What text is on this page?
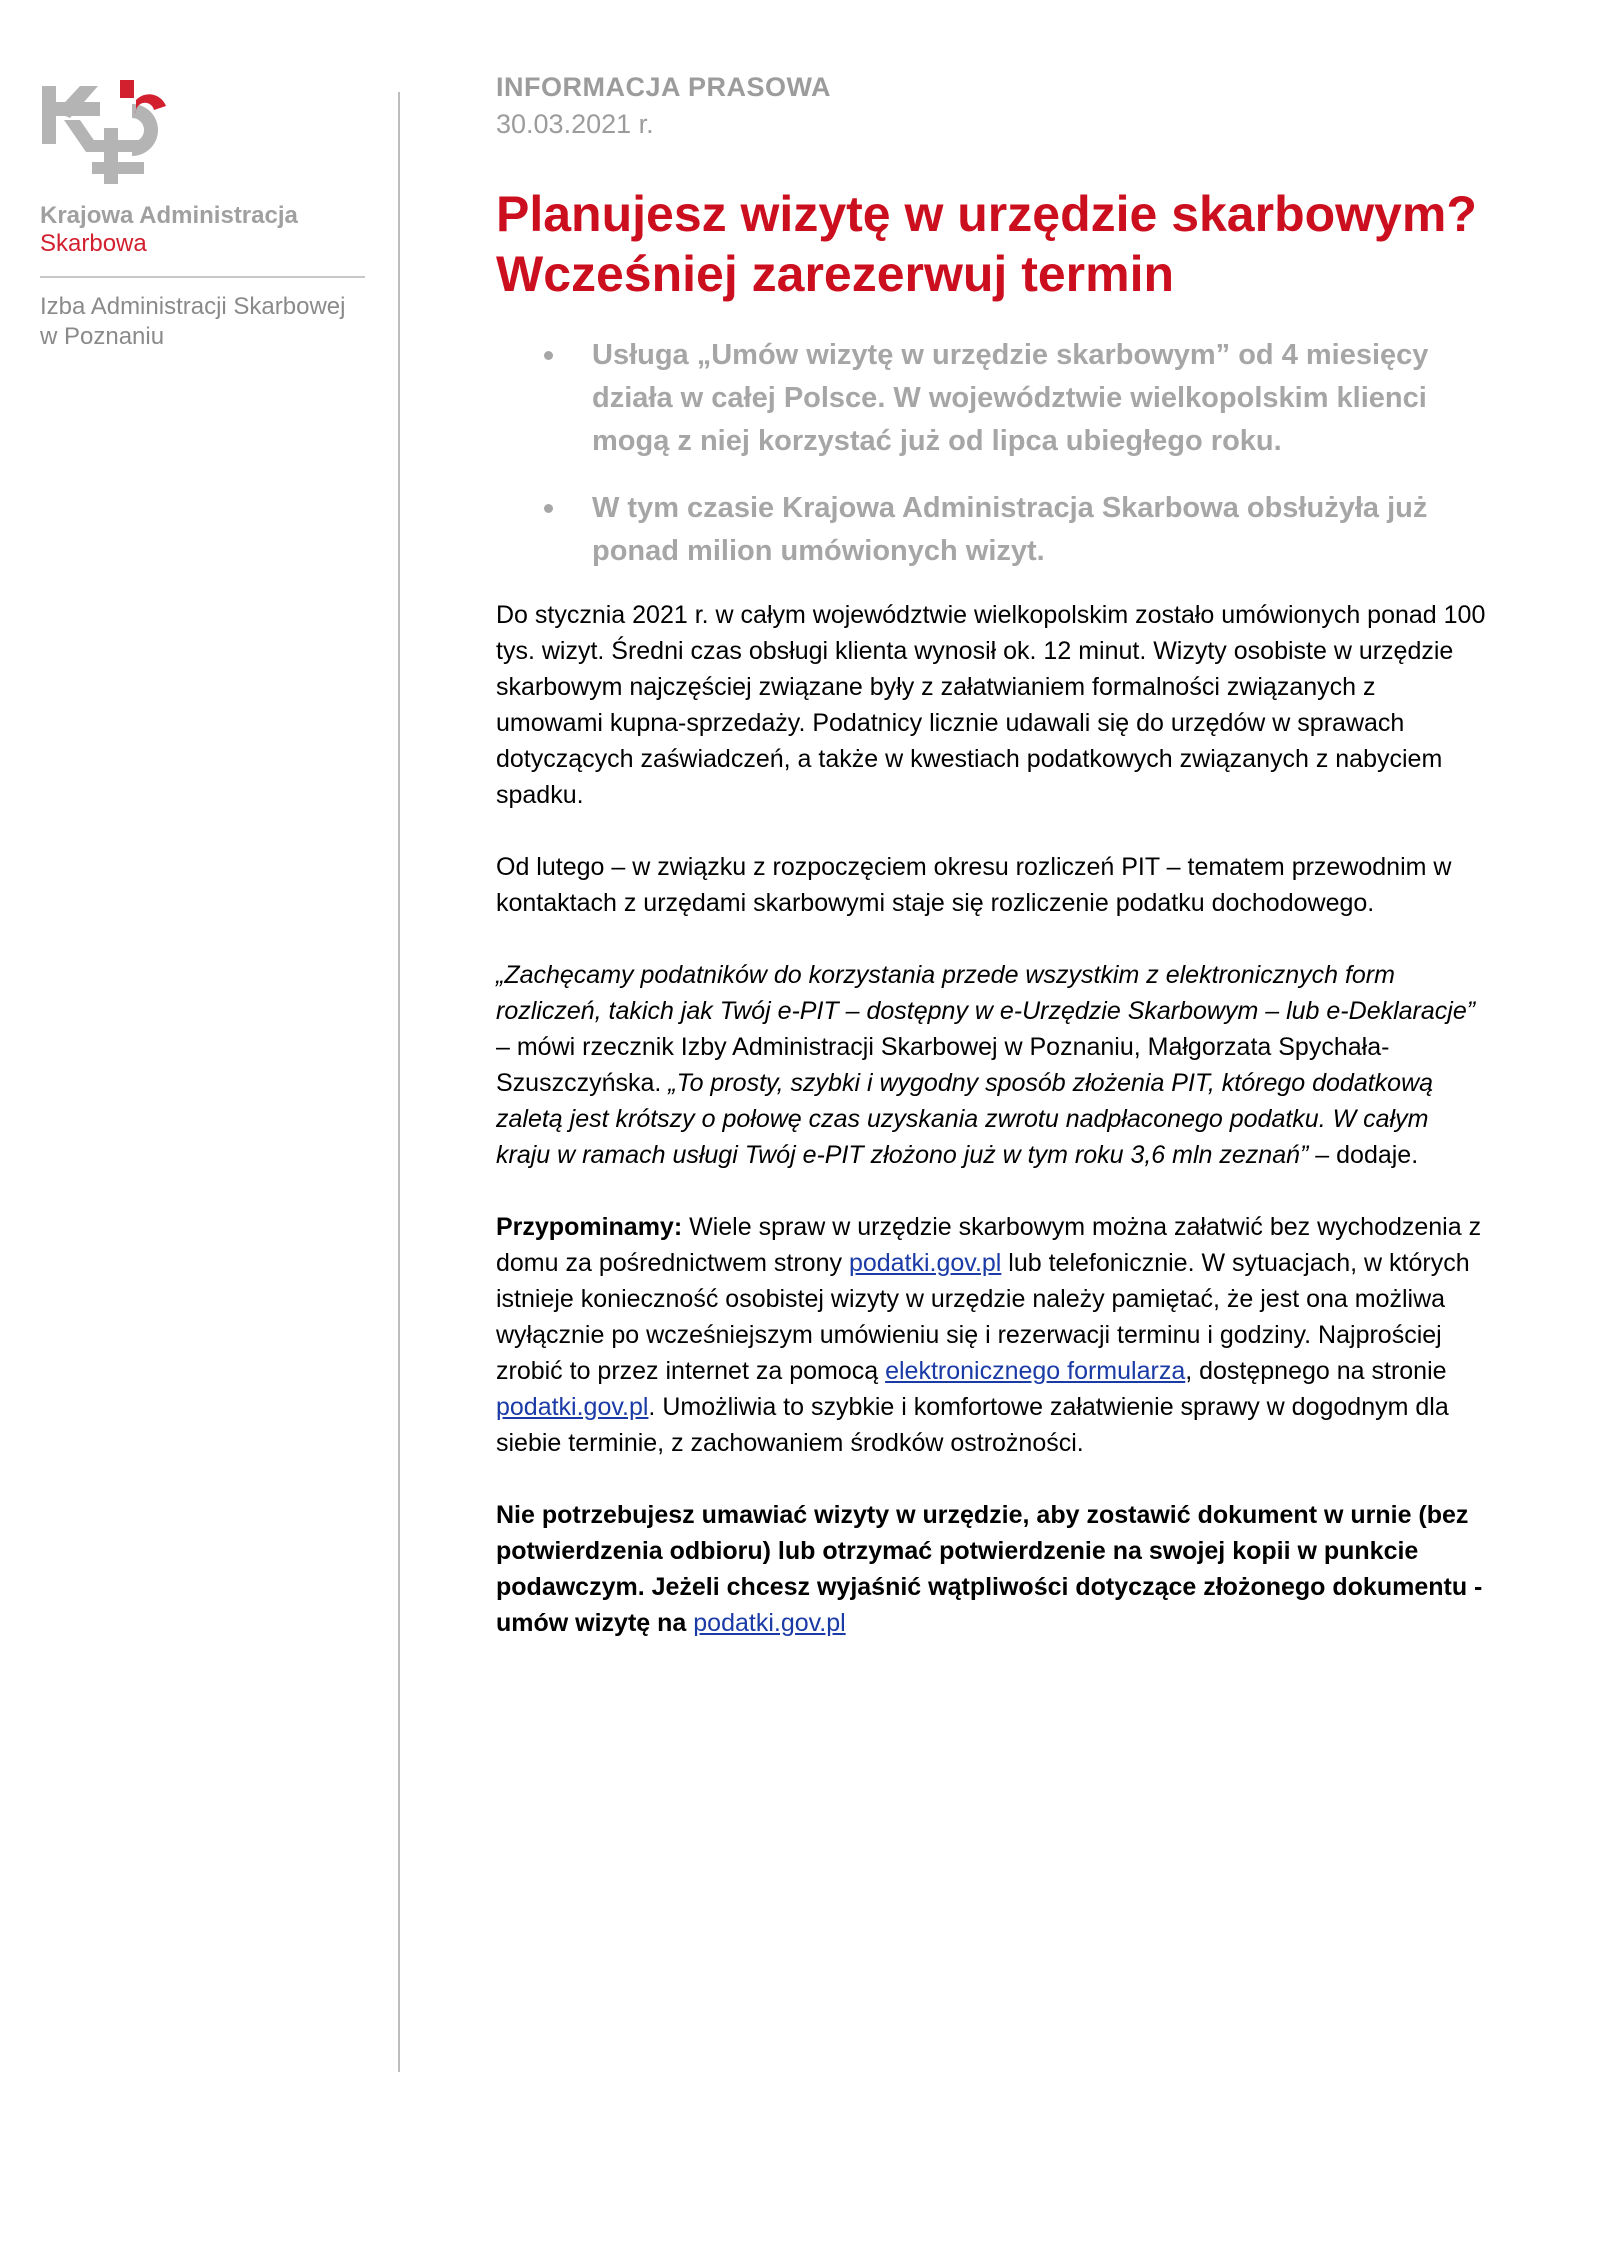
Krajowa Administracja
Skarbowa
Izba Administracji Skarbowej
w Poznaniu
INFORMACJA PRASOWA
30.03.2021 r.
Planujesz wizytę w urzędzie skarbowym? Wcześniej zarezerwuj termin
Usługa „Umów wizytę w urzędzie skarbowym” od 4 miesięcy działa w całej Polsce. W województwie wielkopolskim klienci mogą z niej korzystać już od lipca ubiegłego roku.
W tym czasie Krajowa Administracja Skarbowa obsłużyła już ponad milion umówionych wizyt.

Do stycznia 2021 r. w całym województwie wielkopolskim zostało umówionych ponad 100 tys. wizyt. Średni czas obsługi klienta wynosił ok. 12 minut. Wizyty osobiste w urzędzie skarbowym najczęściej związane były z załatwianiem formalności związanych z umowami kupna-sprzedaży. Podatnicy licznie udawali się do urzędów w sprawach dotyczących zaświadczeń, a także w kwestiach podatkowych związanych z nabyciem spadku.

Od lutego – w związku z rozpoczęciem okresu rozliczeń PIT – tematem przewodnim w kontaktach z urzędami skarbowymi staje się rozliczenie podatku dochodowego.

„Zachęcamy podatników do korzystania przede wszystkim z elektronicznych form rozliczeń, takich jak Twój e-PIT – dostępny w e-Urzędzie Skarbowym – lub e-Deklaracje” – mówi rzecznik Izby Administracji Skarbowej w Poznaniu, Małgorzata Spychała-Szuszczyńska. „To prosty, szybki i wygodny sposób złożenia PIT, którego dodatkową zaletą jest krótszy o połowę czas uzyskania zwrotu nadpłaconego podatku. W całym kraju w ramach usługi Twój e-PIT złożono już w tym roku 3,6 mln zeznań” – dodaje.

Przypominamy: Wiele spraw w urzędzie skarbowym można załatwić bez wychodzenia z domu za pośrednictwem strony podatki.gov.pl lub telefonicznie. W sytuacjach, w których istnieje konieczność osobistej wizyty w urzędzie należy pamiętać, że jest ona możliwa wyłącznie po wcześniejszym umówieniu się i rezerwacji terminu i godziny. Najprościej zrobić to przez internet za pomocą elektronicznego formularza, dostępnego na stronie podatki.gov.pl. Umożliwia to szybkie i komfortowe załatwienie sprawy w dogodnym dla siebie terminie, z zachowaniem środków ostrożności.

Nie potrzebujesz umawiać wizyty w urzędzie, aby zostawić dokument w urnie (bez potwierdzenia odbioru) lub otrzymać potwierdzenie na swojej kopii w punkcie podawczym. Jeżeli chcesz wyjaśnić wątpliwości dotyczące złożonego dokumentu - umów wizytę na podatki.gov.pl
